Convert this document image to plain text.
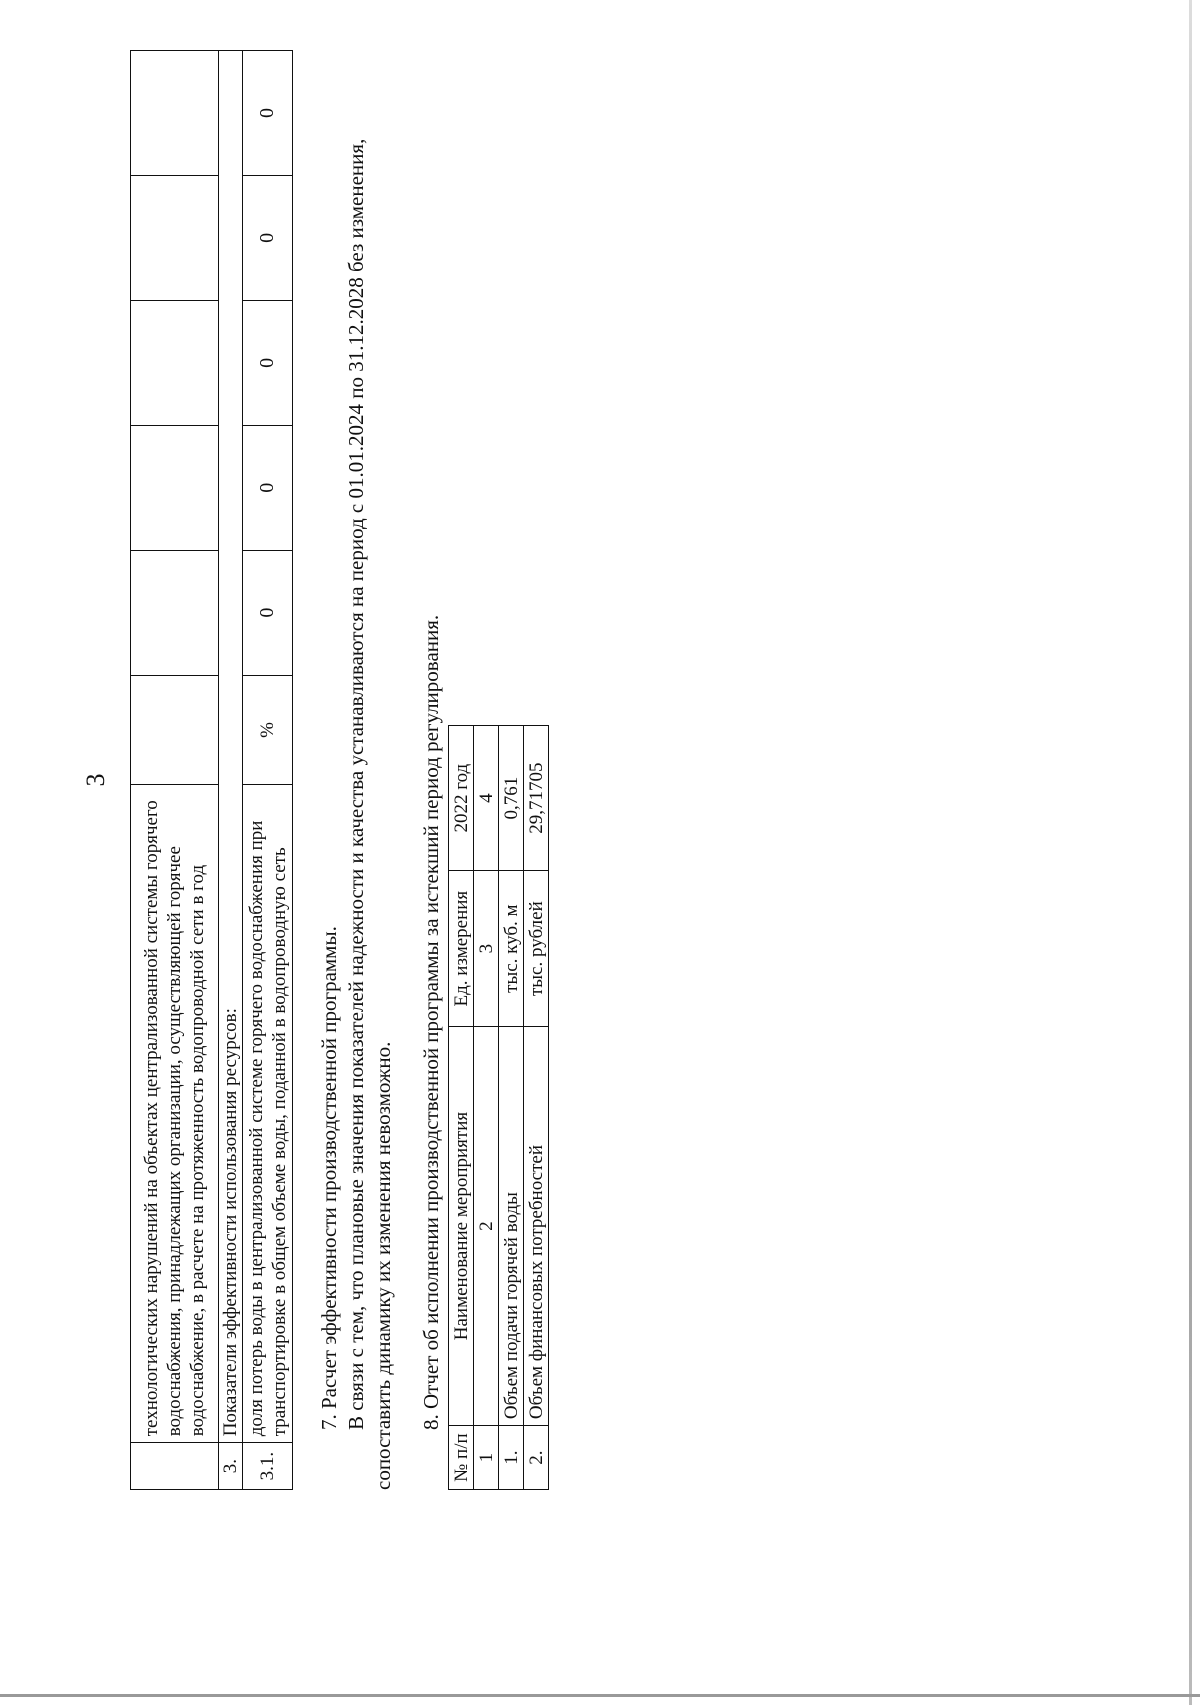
3
	технологических нарушений на объектах централизованной системы горячего водоснабжения, принадлежащих организации, осуществляющей горячее водоснабжение, в расчете на протяженность водопроводной сети в год						
3.	Показатели эффективности использования ресурсов:						
3.1.	доля потерь воды в централизованной системе горячего водоснабжения при транспортировке в общем объеме воды, поданной в водопроводную сеть	%	0	0	0	0	0
7. Расчет эффективности производственной программы. В связи с тем, что плановые значения показателей надежности и качества устанавливаются на период с 01.01.2024 по 31.12.2028 без изменения, сопоставить динамику их изменения невозможно. 8. Отчет об исполнении производственной программы за истекший период регулирования.
№ п/п	Наименование мероприятия	Ед. измерения	2022 год
1	2	3	4
1.	Объем подачи горячей воды	тыс. куб. м	0,761
2.	Объем финансовых потребностей	тыс. рублей	29,71705
